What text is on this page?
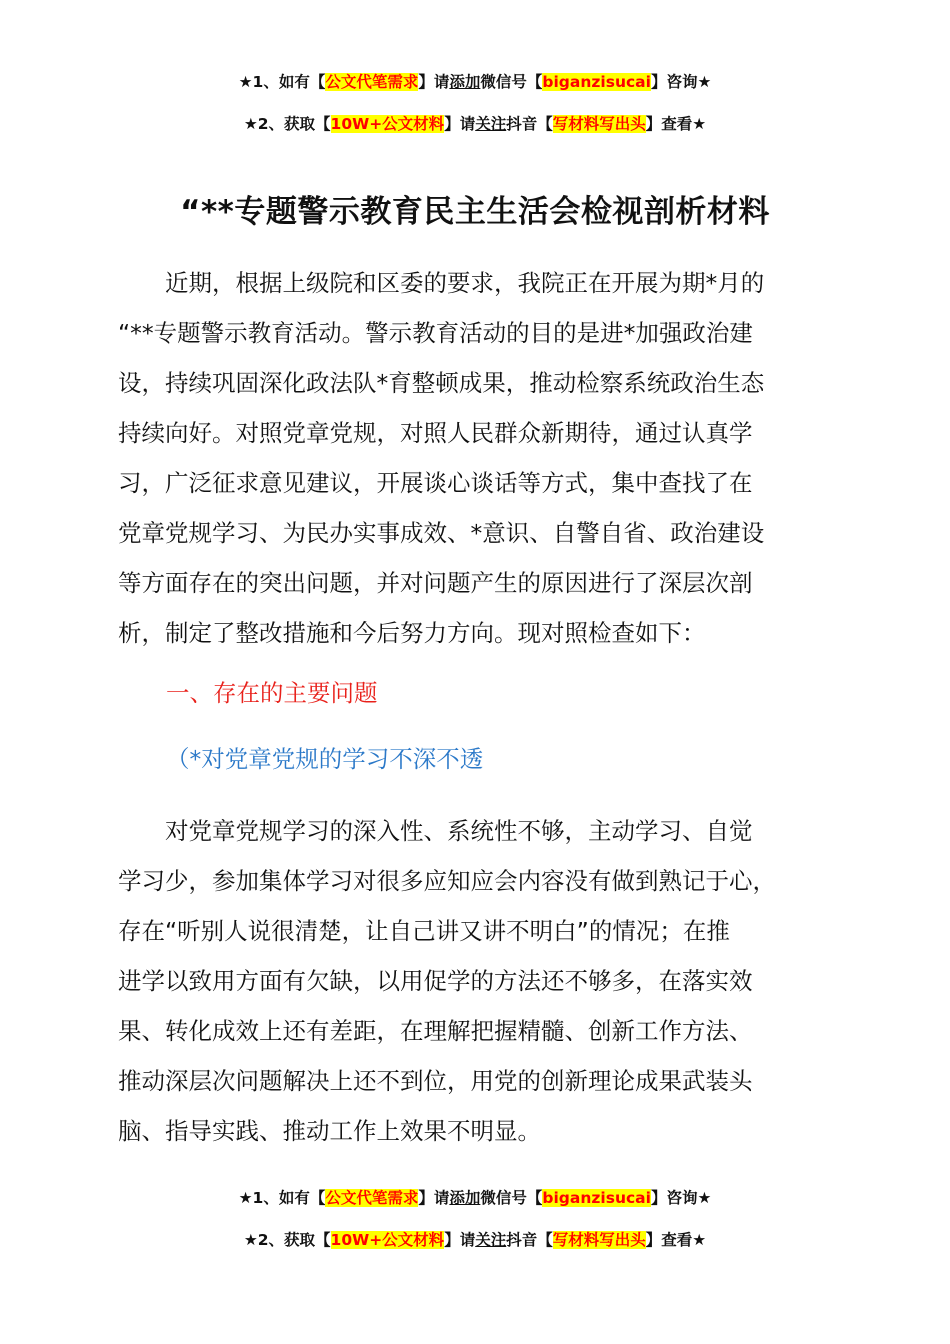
★1、如有【公文代笔需求】请添加微信号【biganzisucai】咨询★
★2、获取【10W+公文材料】请关注抖音【写材料写出头】查看★
“**专题警示教育民主生活会检视剖析材料
近期，根据上级院和区委的要求，我院正在开展为期*月的
“**专题警示教育活动。警示教育活动的目的是进*加强政治建
设，持续巩固深化政法队*育整顿成果，推动检察系统政治生态
持续向好。对照党章党规，对照人民群众新期待，通过认真学
习，广泛征求意见建议，开展谈心谈话等方式，集中查找了在
党章党规学习、为民办实事成效、*意识、自警自省、政治建设
等方面存在的突出问题，并对问题产生的原因进行了深层次剖
析，制定了整改措施和今后努力方向。现对照检查如下：
一、存在的主要问题
（*对党章党规的学习不深不透
对党章党规学习的深入性、系统性不够，主动学习、自觉
学习少，参加集体学习对很多应知应会内容没有做到熟记于心，
存在“听别人说很清楚，让自己讲又讲不明白”的情况；在推
进学以致用方面有欠缺，以用促学的方法还不够多，在落实效
果、转化成效上还有差距，在理解把握精髓、创新工作方法、
推动深层次问题解决上还不到位，用党的创新理论成果武装头
脑、指导实践、推动工作上效果不明显。
★1、如有【公文代笔需求】请添加微信号【biganzisucai】咨询★
★2、获取【10W+公文材料】请关注抖音【写材料写出头】查看★
